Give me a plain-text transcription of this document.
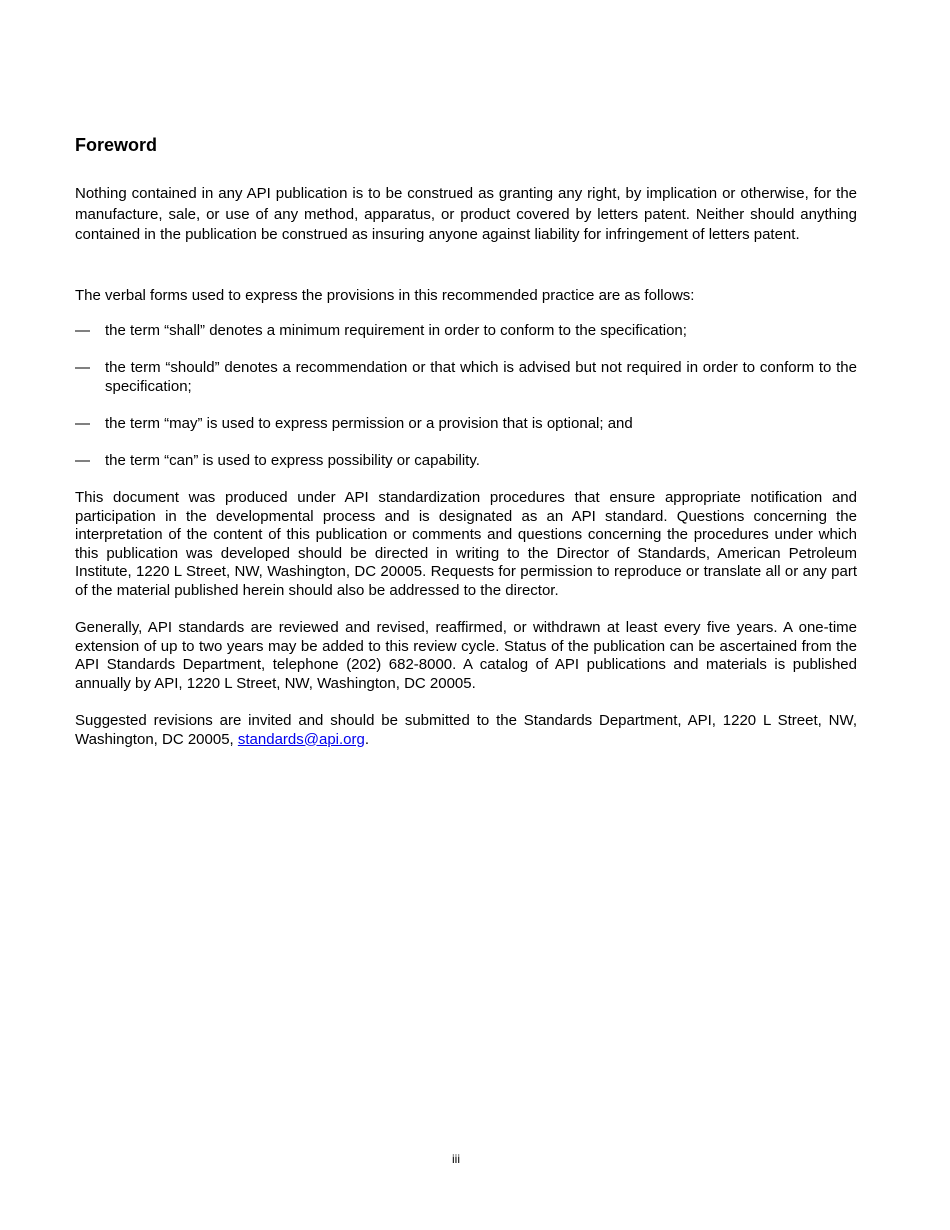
Foreword

Nothing contained in any API publication is to be construed as granting any right, by implication or otherwise, for the manufacture, sale, or use of any method, apparatus, or product covered by letters patent. Neither should anything contained in the publication be construed as insuring anyone against liability for infringement of letters patent.

The verbal forms used to express the provisions in this recommended practice are as follows:

—	the term “shall” denotes a minimum requirement in order to conform to the specification;
—	the term “should” denotes a recommendation or that which is advised but not required in order to conform to the specification;
—	the term “may” is used to express permission or a provision that is optional; and
—	the term “can” is used to express possibility or capability.

This document was produced under API standardization procedures that ensure appropriate notification and participation in the developmental process and is designated as an API standard. Questions concerning the interpretation of the content of this publication or comments and questions concerning the procedures under which this publication was developed should be directed in writing to the Director of Standards, American Petroleum Institute, 1220 L Street, NW, Washington, DC 20005. Requests for permission to reproduce or translate all or any part of the material published herein should also be addressed to the director.

Generally, API standards are reviewed and revised, reaffirmed, or withdrawn at least every five years. A one-time extension of up to two years may be added to this review cycle. Status of the publication can be ascertained from the API Standards Department, telephone (202) 682-8000. A catalog of API publications and materials is published annually by API, 1220 L Street, NW, Washington, DC 20005.

Suggested revisions are invited and should be submitted to the Standards Department, API, 1220 L Street, NW, Washington, DC 20005, standards@api.org.

iii
